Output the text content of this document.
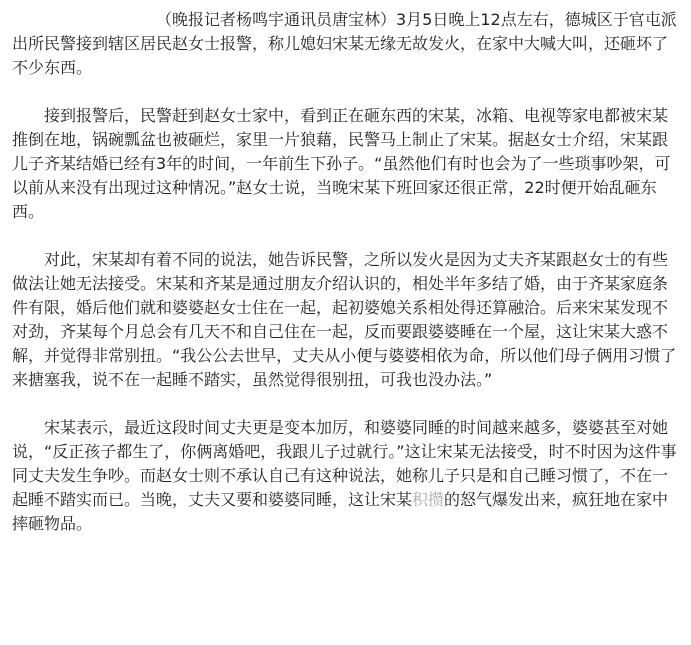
（晚报记者杨鸣宇通讯员唐宝林）3月5日晚上12点左右，德城区于官屯派出所民警接到辖区居民赵女士报警，称儿媳妇宋某无缘无故发火，在家中大喊大叫，还砸坏了不少东西。

接到报警后，民警赶到赵女士家中，看到正在砸东西的宋某，冰箱、电视等家电都被宋某推倒在地，锅碗瓢盆也被砸烂，家里一片狼藉，民警马上制止了宋某。据赵女士介绍，宋某跟儿子齐某结婚已经有3年的时间，一年前生下孙子。“虽然他们有时也会为了一些琐事吵架，可以前从来没有出现过这种情况。”赵女士说，当晚宋某下班回家还很正常，22时便开始乱砸东西。

对此，宋某却有着不同的说法，她告诉民警，之所以发火是因为丈夫齐某跟赵女士的有些做法让她无法接受。宋某和齐某是通过朋友介绍认识的，相处半年多结了婚，由于齐某家庭条件有限，婚后他们就和婆婆赵女士住在一起，起初婆媳关系相处得还算融洽。后来宋某发现不对劲，齐某每个月总会有几天不和自己住在一起，反而要跟婆婆睡在一个屋，这让宋某大惑不解，并觉得非常别扭。“我公公去世早，丈夫从小便与婆婆相依为命，所以他们母子俩用习惯了来搪塞我，说不在一起睡不踏实，虽然觉得很别扭，可我也没办法。”

宋某表示，最近这段时间丈夫更是变本加厉，和婆婆同睡的时间越来越多，婆婆甚至对她说，“反正孩子都生了，你俩离婚吧，我跟儿子过就行。”这让宋某无法接受，时不时因为这件事同丈夫发生争吵。而赵女士则不承认自己有这种说法，她称儿子只是和自己睡习惯了，不在一起睡不踏实而已。当晚，丈夫又要和婆婆同睡，这让宋某积攒的怒气爆发出来，疯狂地在家中摔砸物品。
